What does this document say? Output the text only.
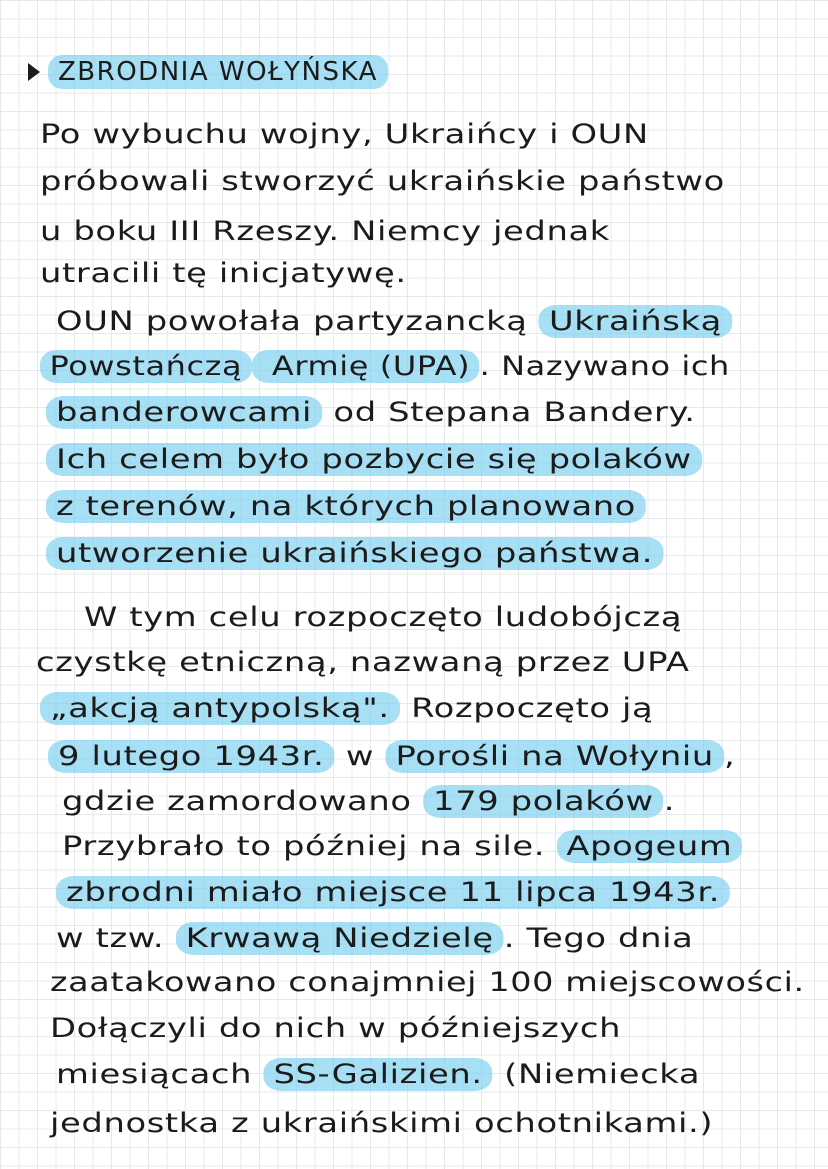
ZBRODNIA WOŁYŃSKA
Po wybuchu wojny, Ukraińcy i OUN
próbowali stworzyć ukraińskie państwo
u boku III Rzeszy. Niemcy jednak
utracili tę inicjatywę.
OUN powołała partyzancką Ukraińską
Powstańczą Armię (UPA) . Nazywano ich
banderowcami od Stepana Bandery.
Ich celem było pozbycie się polaków
z terenów, na których planowano
utworzenie ukraińskiego państwa.
W tym celu rozpoczęto ludobójczą
czystkę etniczną, nazwaną przez UPA
„akcją antypolską". Rozpoczęto ją
9 lutego 1943r. w Porośli na Wołyniu ,
gdzie zamordowano 179 polaków .
Przybrało to później na sile. Apogeum
zbrodni miało miejsce 11 lipca 1943r.
w tzw. Krwawą Niedzielę . Tego dnia
zaatakowano conajmniej 100 miejscowości.
Dołączyli do nich w późniejszych
miesiącach SS-Galizien. (Niemiecka
jednostka z ukraińskimi ochotnikami.)
